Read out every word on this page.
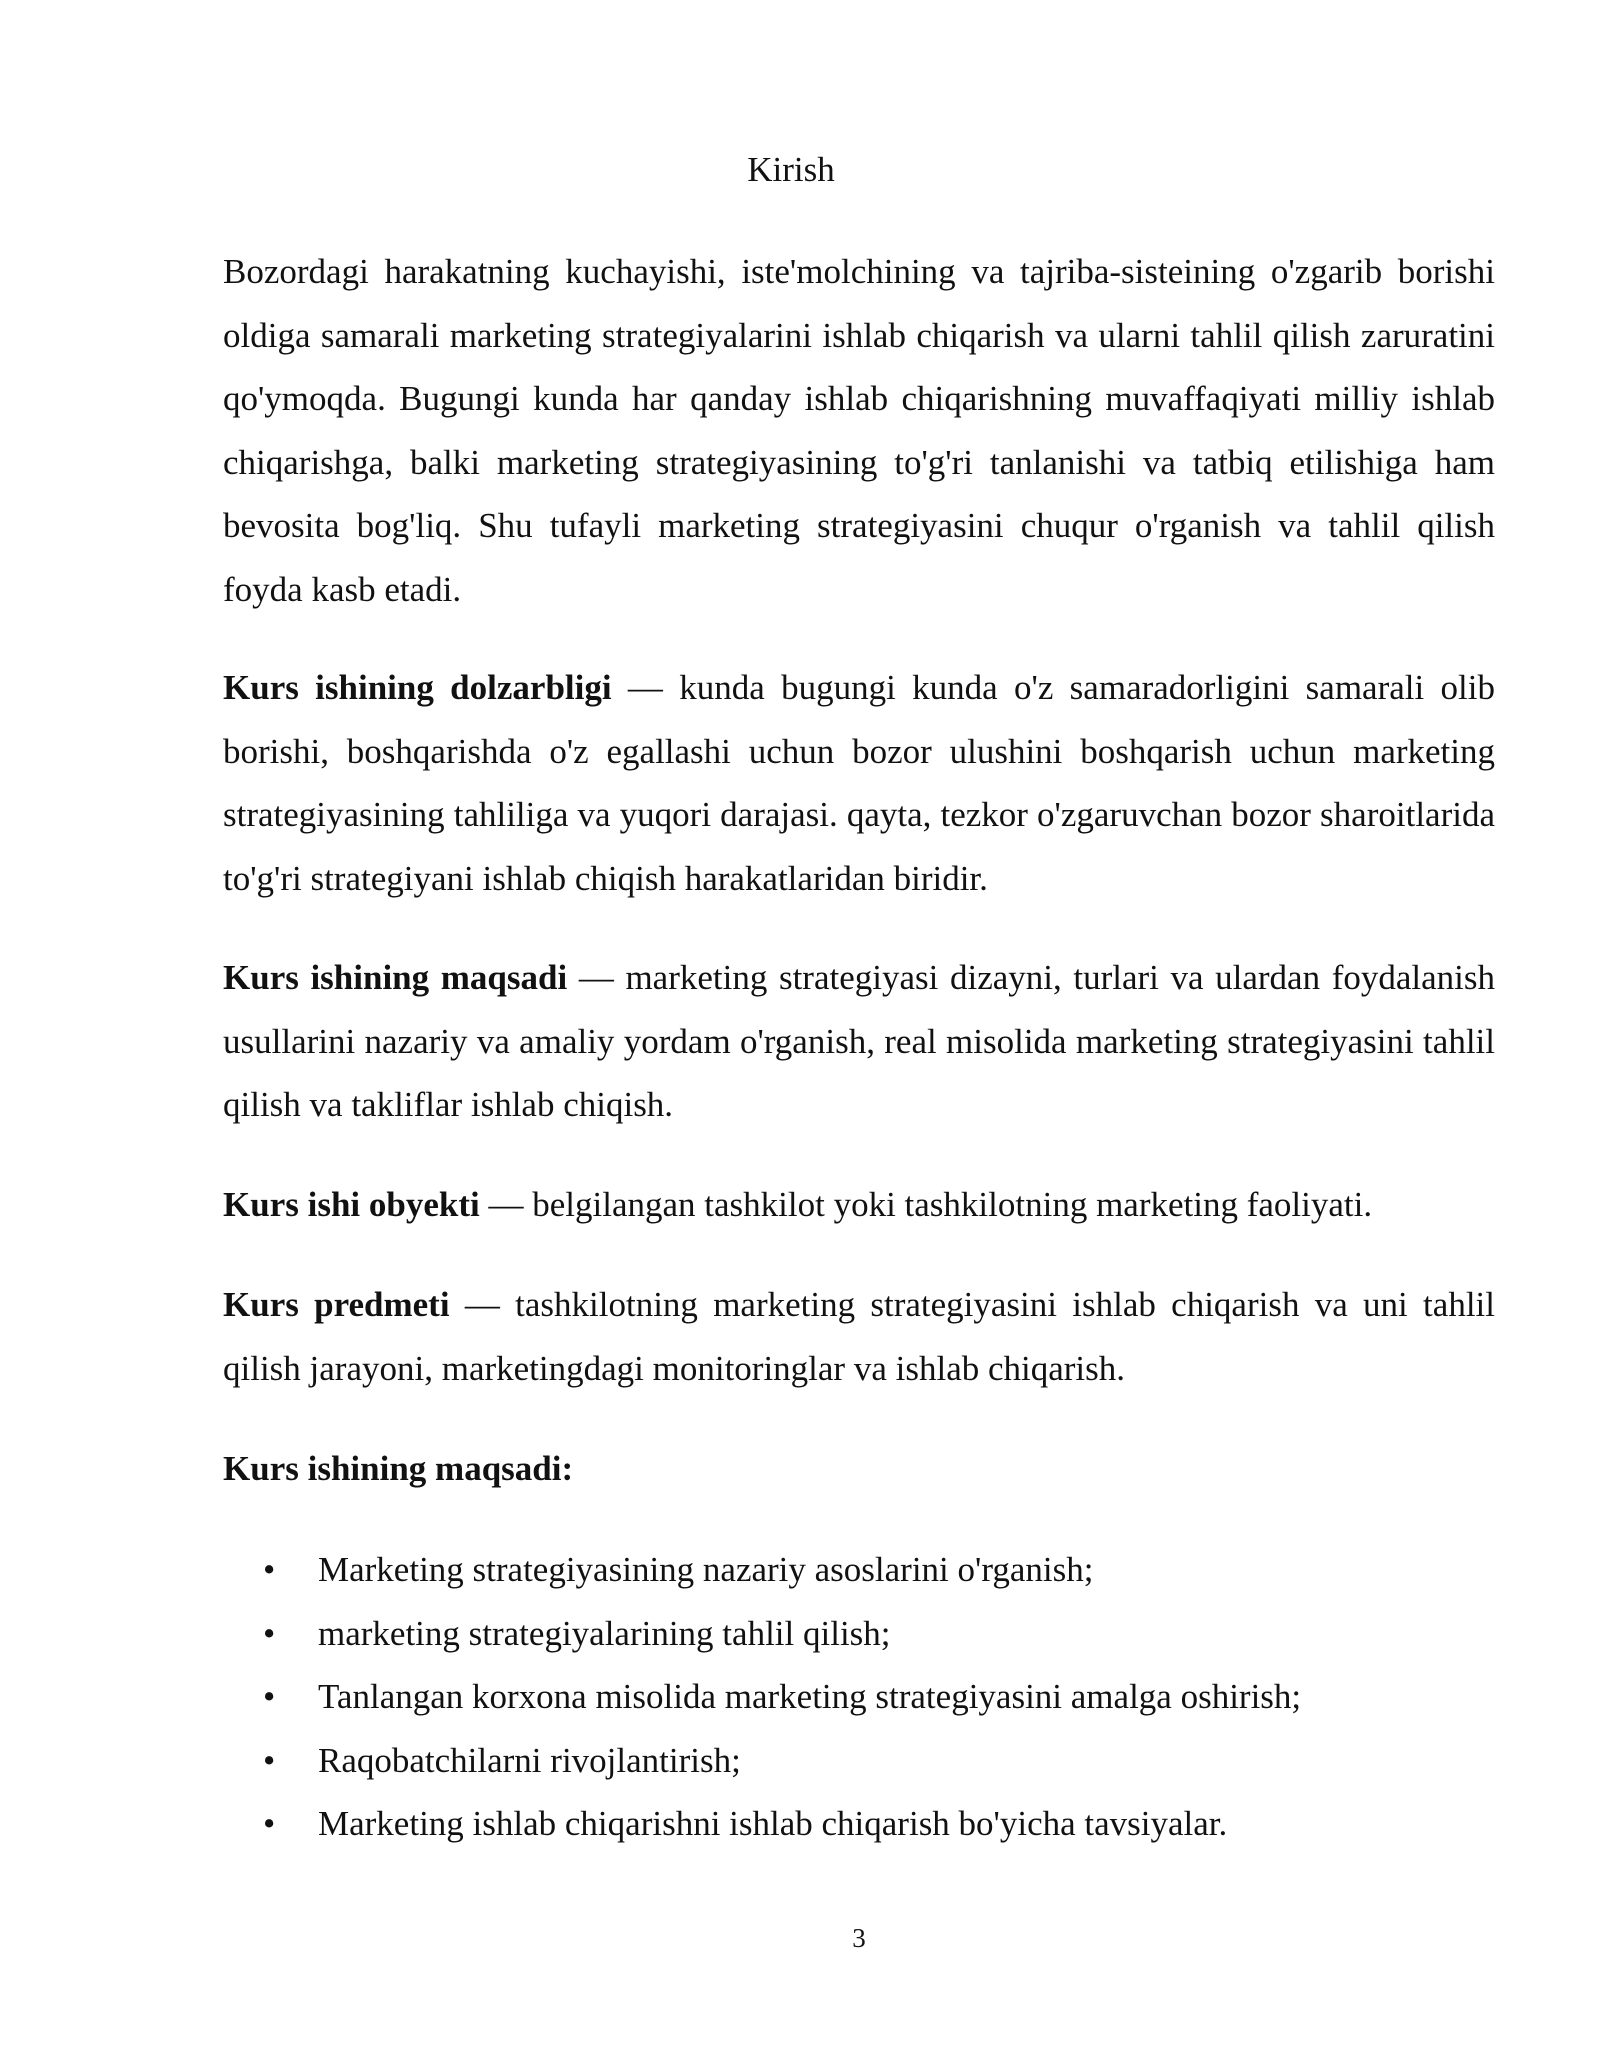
Kirish

Bozordagi harakatning kuchayishi, iste'molchining va tajriba-sisteining o'zgarib borishi oldiga samarali marketing strategiyalarini ishlab chiqarish va ularni tahlil qilish zaruratini qo'ymoqda. Bugungi kunda har qanday ishlab chiqarishning muvaffaqiyati milliy ishlab chiqarishga, balki marketing strategiyasining to'g'ri tanlanishi va tatbiq etilishiga ham bevosita bog'liq. Shu tufayli marketing strategiyasini chuqur o'rganish va tahlil qilish foyda kasb etadi.

Kurs ishining dolzarbligi — kunda bugungi kunda o'z samaradorligini samarali olib borishi, boshqarishda o'z egallashi uchun bozor ulushini boshqarish uchun marketing strategiyasining tahliliga va yuqori darajasi. qayta, tezkor o'zgaruvchan bozor sharoitlarida to'g'ri strategiyani ishlab chiqish harakatlaridan biridir.

Kurs ishining maqsadi — marketing strategiyasi dizayni, turlari va ulardan foydalanish usullarini nazariy va amaliy yordam o'rganish, real misolida marketing strategiyasini tahlil qilish va takliflar ishlab chiqish.

Kurs ishi obyekti — belgilangan tashkilot yoki tashkilotning marketing faoliyati.

Kurs predmeti — tashkilotning marketing strategiyasini ishlab chiqarish va uni tahlil qilish jarayoni, marketingdagi monitoringlar va ishlab chiqarish.

Kurs ishining maqsadi:

•	Marketing strategiyasining nazariy asoslarini o'rganish;
•	marketing strategiyalarining tahlil qilish;
•	Tanlangan korxona misolida marketing strategiyasini amalga oshirish;
•	Raqobatchilarni rivojlantirish;
•	Marketing ishlab chiqarishni ishlab chiqarish bo'yicha tavsiyalar.
3
